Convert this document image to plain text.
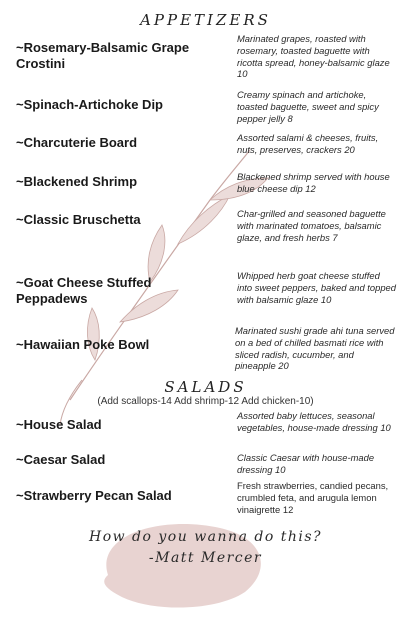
APPETIZERS
~Rosemary-Balsamic Grape Crostini
Marinated grapes, roasted with rosemary, toasted baguette with ricotta spread, honey-balsamic glaze 10
~Spinach-Artichoke Dip
Creamy spinach and artichoke, toasted baguette, sweet and spicy pepper jelly 8
~Charcuterie Board	Assorted salami & cheeses, fruits, nuts, preserves, crackers 20
~Blackened Shrimp	Blackened shrimp served with house blue cheese dip 12
~Classic Bruschetta	Char-grilled and seasoned baguette with marinated tomatoes, balsamic glaze, and fresh herbs 7
~Goat Cheese Stuffed Peppadews
Whipped herb goat cheese stuffed into sweet peppers, baked and topped with balsamic glaze 10
~Hawaiian Poke Bowl
Marinated sushi grade ahi tuna served on a bed of chilled basmati rice with sliced radish, cucumber, and pineapple 20
SALADS
(Add scallops-14 Add shrimp-12 Add chicken-10)
~House Salad
Assorted baby lettuces, seasonal vegetables, house-made dressing 10
~Caesar Salad	Classic Caesar with house-made dressing 10
~Strawberry Pecan Salad
Fresh strawberries, candied pecans, crumbled feta, and arugula lemon vinaigrette 12
How do you wanna do this?
-Matt Mercer
